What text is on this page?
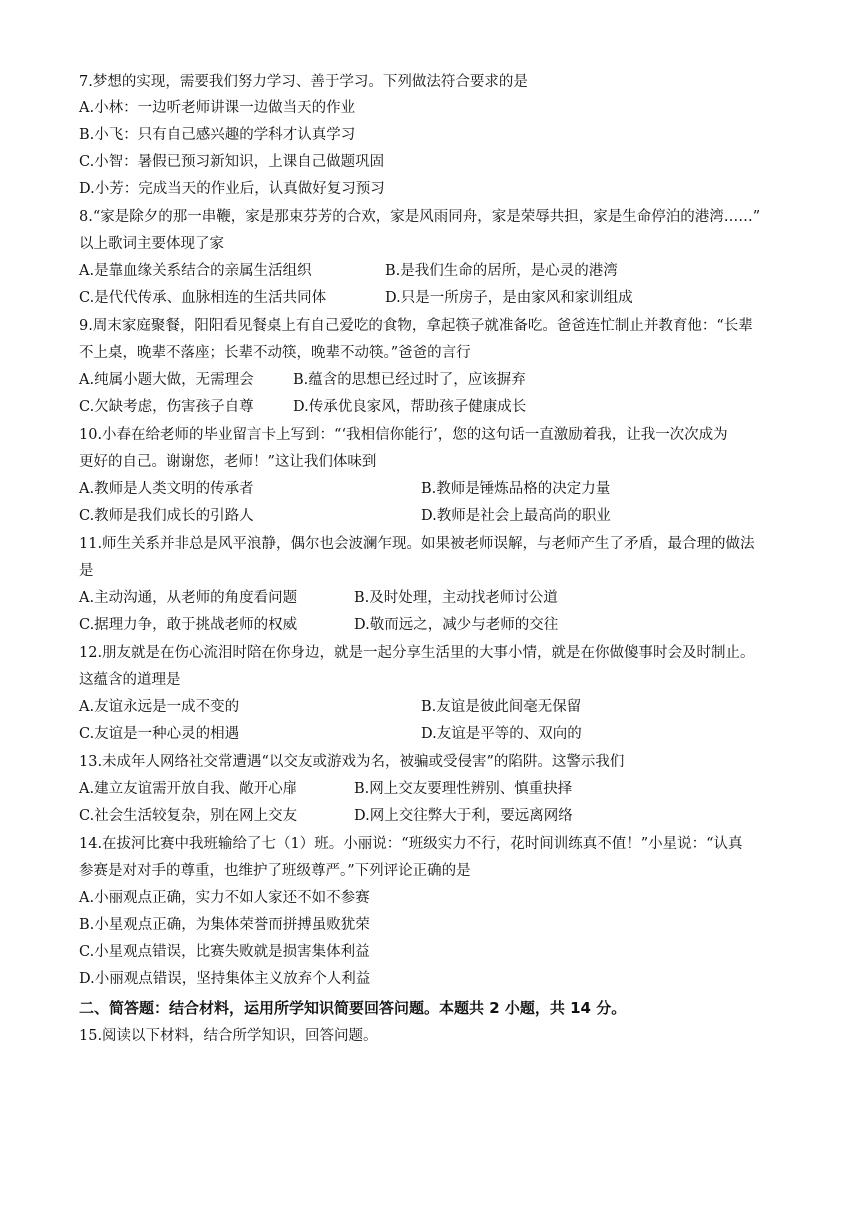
7.梦想的实现，需要我们努力学习、善于学习。下列做法符合要求的是
A.小林：一边听老师讲课一边做当天的作业
B.小飞：只有自己感兴趣的学科才认真学习
C.小智：暑假已预习新知识，上课自己做题巩固
D.小芳：完成当天的作业后，认真做好复习预习
8.“家是除夕的那一串鞭，家是那束芬芳的合欢，家是风雨同舟，家是荣辱共担，家是生命停泊的港湾……”
以上歌词主要体现了家
A.是靠血缘关系结合的亲属生活组织	B.是我们生命的居所，是心灵的港湾
C.是代代传承、血脉相连的生活共同体	D.只是一所房子，是由家风和家训组成
9.周末家庭聚餐，阳阳看见餐桌上有自己爱吃的食物，拿起筷子就准备吃。爸爸连忙制止并教育他：“长辈
不上桌，晚辈不落座；长辈不动筷，晚辈不动筷。”爸爸的言行
A.纯属小题大做，无需理会	B.蕴含的思想已经过时了，应该摒弃
C.欠缺考虑，伤害孩子自尊	D.传承优良家风，帮助孩子健康成长
10.小春在给老师的毕业留言卡上写到：“‘我相信你能行’，您的这句话一直激励着我，让我一次次成为
更好的自己。谢谢您，老师！”这让我们体味到
A.教师是人类文明的传承者	B.教师是锤炼品格的决定力量
C.教师是我们成长的引路人	D.教师是社会上最高尚的职业
11.师生关系并非总是风平浪静，偶尔也会波澜乍现。如果被老师误解，与老师产生了矛盾，最合理的做法
是
A.主动沟通，从老师的角度看问题	B.及时处理，主动找老师讨公道
C.据理力争，敢于挑战老师的权威	D.敬而远之，减少与老师的交往
12.朋友就是在伤心流泪时陪在你身边，就是一起分享生活里的大事小情，就是在你做傻事时会及时制止。
这蕴含的道理是
A.友谊永远是一成不变的	B.友谊是彼此间毫无保留
C.友谊是一种心灵的相遇	D.友谊是平等的、双向的
13.未成年人网络社交常遭遇“以交友或游戏为名，被骗或受侵害”的陷阱。这警示我们
A.建立友谊需开放自我、敞开心扉	B.网上交友要理性辨别、慎重抉择
C.社会生活较复杂，别在网上交友	D.网上交往弊大于利，要远离网络
14.在拔河比赛中我班输给了七（1）班。小丽说：“班级实力不行，花时间训练真不值！”小星说：“认真
参赛是对对手的尊重，也维护了班级尊严。”下列评论正确的是
A.小丽观点正确，实力不如人家还不如不参赛
B.小星观点正确，为集体荣誉而拼搏虽败犹荣
C.小星观点错误，比赛失败就是损害集体利益
D.小丽观点错误，坚持集体主义放弃个人利益
二、简答题：结合材料，运用所学知识简要回答问题。本题共 2 小题，共 14 分。
15.阅读以下材料，结合所学知识，回答问题。
